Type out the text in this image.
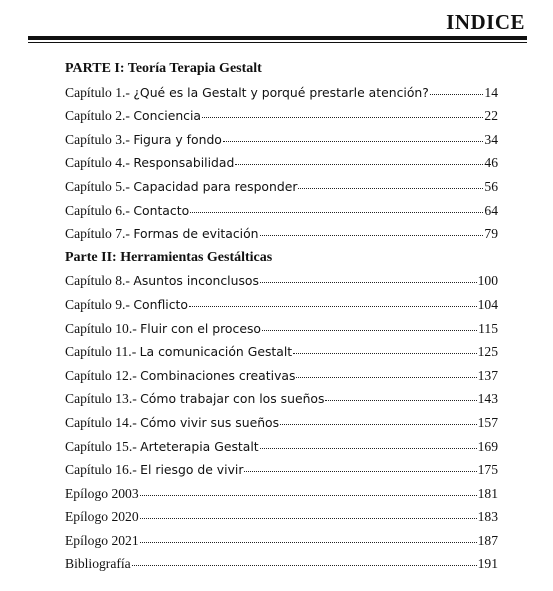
INDICE
PARTE I: Teoría Terapia Gestalt
Capítulo 1.- ¿Qué es la Gestalt y porqué prestarle atención?	14
Capítulo 2.- Conciencia	22
Capítulo 3.- Figura y fondo	34
Capítulo 4.- Responsabilidad	46
Capítulo 5.- Capacidad para responder	56
Capítulo 6.- Contacto	64
Capítulo 7.- Formas de evitación	79
Parte II: Herramientas Gestálticas
Capítulo 8.- Asuntos inconclusos	100
Capítulo 9.- Conflicto	104
Capítulo 10.- Fluir con el proceso	115
Capítulo 11.- La comunicación Gestalt	125
Capítulo 12.- Combinaciones creativas	137
Capítulo 13.- Cómo trabajar con los sueños	143
Capítulo 14.- Cómo vivir sus sueños	157
Capítulo 15.- Arteterapia Gestalt	169
Capítulo 16.- El riesgo de vivir	175
Epílogo 2003	181
Epílogo 2020	183
Epílogo 2021	187
Bibliografía	191
